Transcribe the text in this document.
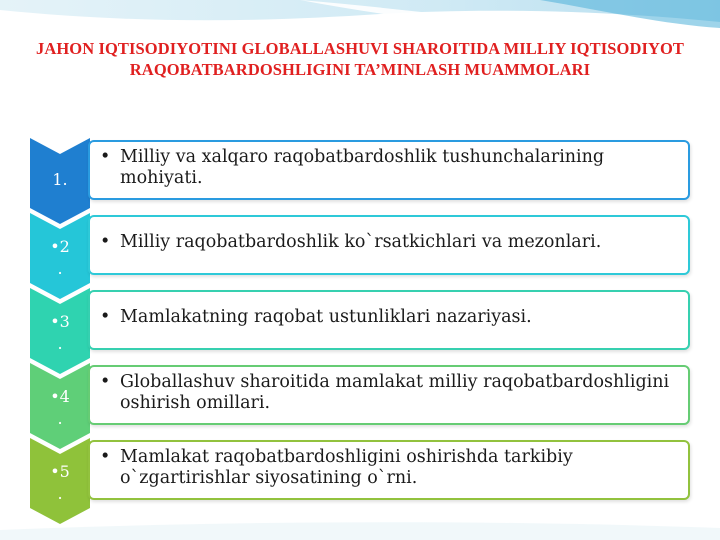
JAHON IQTISODIYOTINI GLOBALLASHUVI SHAROITIDA MILLIY IQTISODIYOT RAQOBATBARDOSHLIGINI TA’MINLASH MUAMMOLARI
1.
• Milliy va xalqaro raqobatbardoshlik tushunchalarining mohiyati.
•2
.
• Milliy raqobatbardoshlik ko`rsatkichlari va mezonlari.
•3
.
• Mamlakatning raqobat ustunliklari nazariyasi.
•4
.
• Globallashuv sharoitida mamlakat milliy raqobatbardoshligini oshirish omillari.
•5
.
• Mamlakat raqobatbardoshligini oshirishda tarkibiy o`zgartirishlar siyosatining o`rni.
